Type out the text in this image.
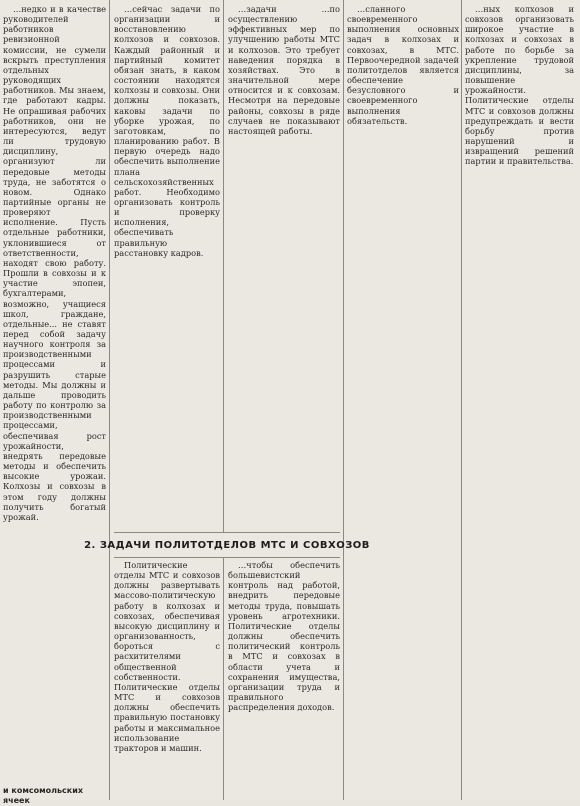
…недко и в качестве руководителей работников ревизионной комиссии, не сумели вскрыть преступления отдельных руководящих работников. Мы знаем, где работают кадры. Не опрашивая рабочих работников, они не интересуются, ведут ли трудовую дисциплину, организуют ли передовые методы труда, не заботятся о новом. Однако партийные органы не проверяют исполнение. Пусть отдельные работники, уклонившиеся от ответственности, находят свою работу. Прошли в совхозы и к участие эпопеи, бухгалтерами, возможно, учащиеся школ, граждане, отдельные... не ставят перед собой задачу научного контроля за производственными процессами и разрушить старые методы. Мы должны и дальше проводить работу по контролю за производственными процессами, обеспечивая рост урожайности, внедрять передовые методы и обеспечить высокие урожаи. Колхозы и совхозы в этом году должны получить богатый урожай.

…сейчас задачи по организации и восстановлению колхозов и совхозов. Каждый районный и партийный комитет обязан знать, в каком состоянии находятся колхозы и совхозы. Они должны показать, каковы задачи по уборке урожая, по заготовкам, по планированию работ. В первую очередь надо обеспечить выполнение плана сельскохозяйственных работ. Необходимо организовать контроль и проверку исполнения, обеспечивать правильную расстановку кадров.

…задачи ...по осуществлению эффективных мер по улучшению работы МТС и колхозов. Это требует наведения порядка в хозяйствах. Это в значительной мере относится и к совхозам. Несмотря на передовые районы, совхозы в ряде случаев не показывают настоящей работы.

…сланного своевременного выполнения основных задач в колхозах и совхозах, в МТС. Первоочередной задачей политотделов является обеспечение безусловного и своевременного выполнения обязательств.

…ных колхозов и совхозов организовать широкое участие в колхозах и совхозах в работе по борьбе за укрепление трудовой дисциплины, за повышение урожайности. Политические отделы МТС и совхозов должны предупреждать и вести борьбу против нарушений и извращений решений партии и правительства.

2. ЗАДАЧИ ПОЛИТОТДЕЛОВ МТС И СОВХОЗОВ

Политические отделы МТС и совхозов должны развертывать массово-политическую работу в колхозах и совхозах, обеспечивая высокую дисциплину и организованность, бороться с расхитителями общественной собственности. Политические отделы МТС и совхозов должны обеспечить правильную постановку работы и максимальное использование тракторов и машин.

…чтобы обеспечить большевистский контроль над работой, внедрить передовые методы труда, повышать уровень агротехники. Политические отделы должны обеспечить политический контроль в МТС и совхозах в области учета и сохранения имущества, организации труда и правильного распределения доходов.

и комсомольских ячеек
